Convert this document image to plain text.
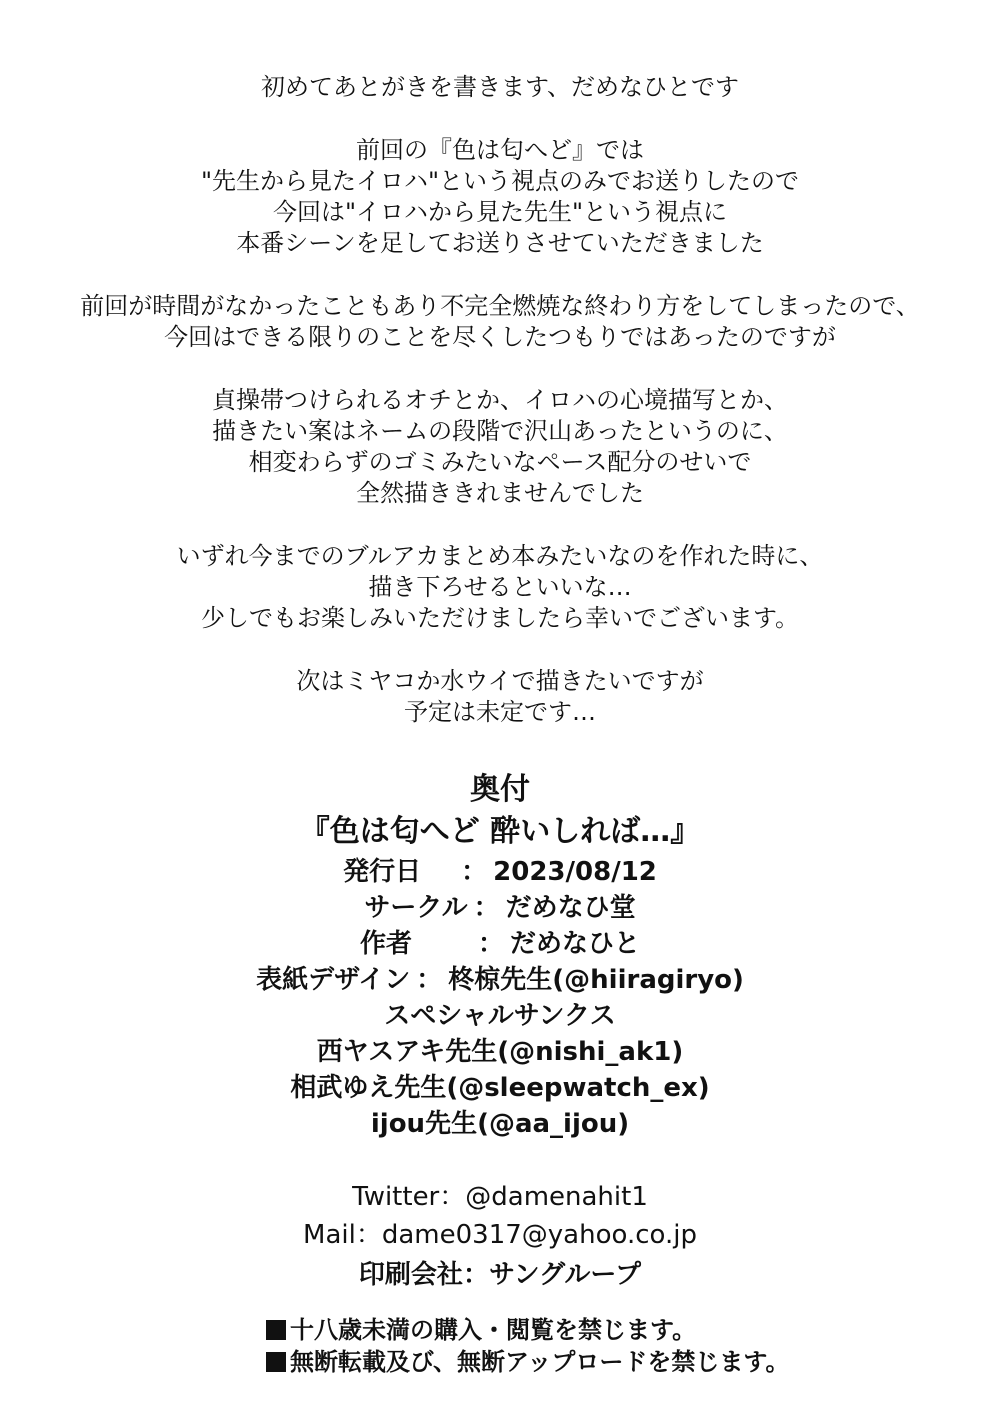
初めてあとがきを書きます、だめなひとです
前回の『色は匂へど』では
"先生から見たイロハ"という視点のみでお送りしたので
今回は"イロハから見た先生"という視点に
本番シーンを足してお送りさせていただきました
前回が時間がなかったこともあり不完全燃焼な終わり方をしてしまったので、
今回はできる限りのことを尽くしたつもりではあったのですが
貞操帯つけられるオチとか、イロハの心境描写とか、
描きたい案はネームの段階で沢山あったというのに、
相変わらずのゴミみたいなペース配分のせいで
全然描ききれませんでした
いずれ今までのブルアカまとめ本みたいなのを作れた時に、
描き下ろせるといいな…
少しでもお楽しみいただけましたら幸いでございます。
次はミヤコか水ウイで描きたいですが
予定は未定です…
奥付
『色は匂へど 酔いしれば…』
発行日 ： 2023/08/12
サークル ： だめなひ堂
作者	： だめなひと
表紙デザイン ： 柊椋先生(@hiiragiryo)
スペシャルサンクス
西ヤスアキ先生(@nishi_ak1)
相武ゆえ先生(@sleepwatch_ex)
ijou先生(@aa_ijou)
Twitter：@damenahit1
Mail：dame0317@yahoo.co.jp
印刷会社：サングループ
十八歳未満の購入・閲覧を禁じます。
無断転載及び、無断アップロードを禁じます。
